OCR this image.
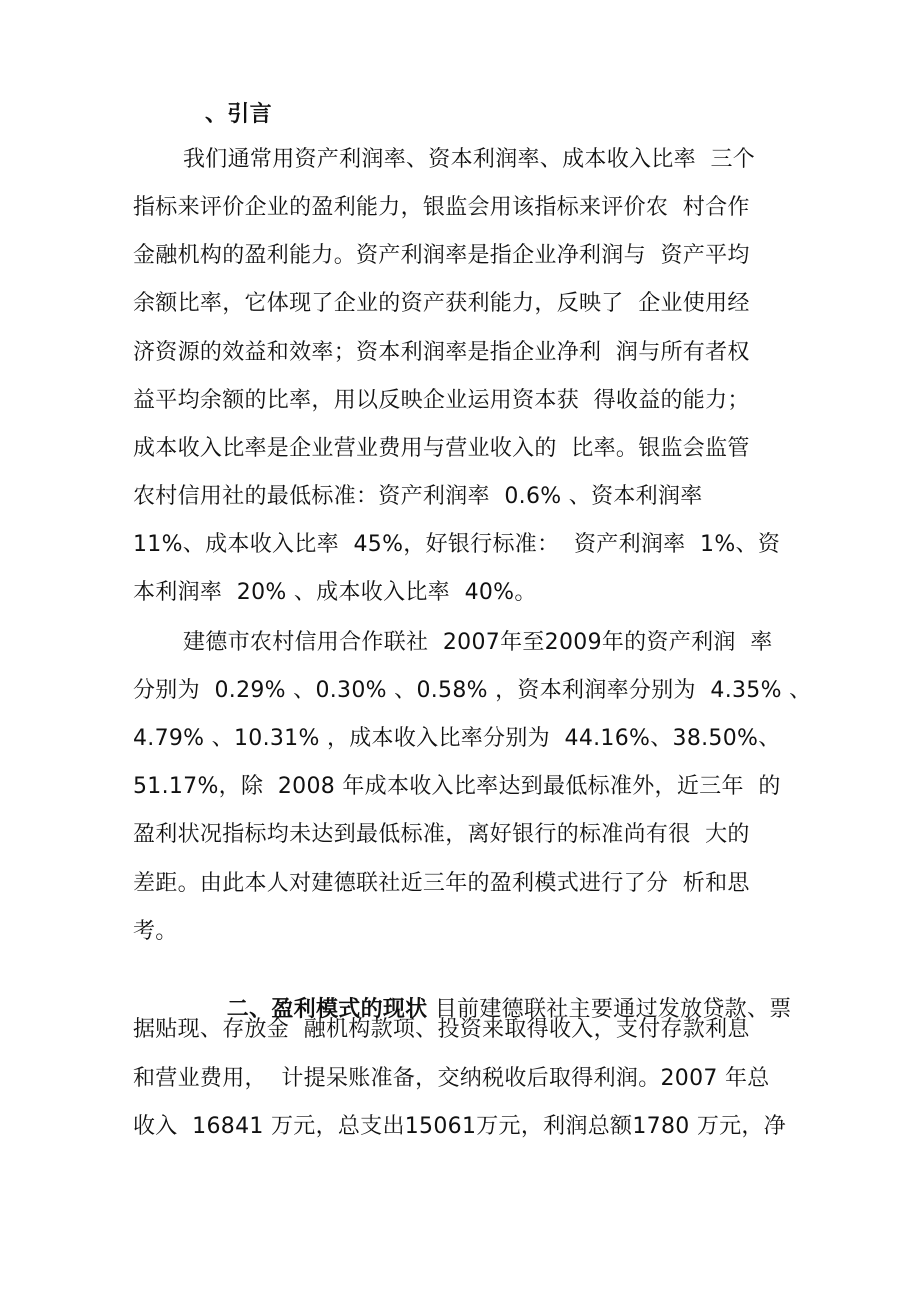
、引言
我们通常用资产利润率、资本利润率、成本收入比率  三个
指标来评价企业的盈利能力，银监会用该指标来评价农  村合作
金融机构的盈利能力。资产利润率是指企业净利润与  资产平均
余额比率，它体现了企业的资产获利能力，反映了  企业使用经
济资源的效益和效率；资本利润率是指企业净利  润与所有者权
益平均余额的比率，用以反映企业运用资本获  得收益的能力；
成本收入比率是企业营业费用与营业收入的  比率。银监会监管
农村信用社的最低标准：资产利润率  0.6% 、资本利润率
11%、成本收入比率  45%，好银行标准：  资产利润率  1%、资
本利润率  20% 、成本收入比率  40%。
建德市农村信用合作联社  2007年至2009年的资产利润  率
分别为  0.29% 、0.30% 、0.58% ，资本利润率分别为  4.35% 、
4.79% 、10.31% ，成本收入比率分别为  44.16%、38.50%、
51.17%，除  2008 年成本收入比率达到最低标准外，近三年  的
盈利状况指标均未达到最低标准，离好银行的标准尚有很  大的
差距。由此本人对建德联社近三年的盈利模式进行了分  析和思
考。

二、盈利模式的现状 目前建德联社主要通过发放贷款、票

据贴现、存放金  融机构款项、投资来取得收入，支付存款利息
和营业费用，  计提呆账准备，交纳税收后取得利润。2007 年总
收入  16841 万元，总支出15061万元，利润总额1780 万元，净
